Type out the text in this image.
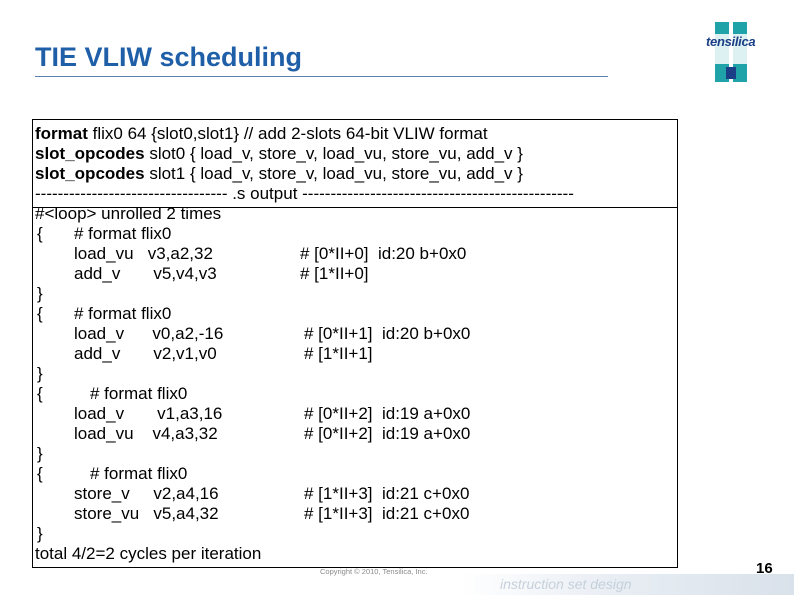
TIE VLIW scheduling
tensilica
format flix0 64 {slot0,slot1} // add 2-slots 64-bit VLIW format
slot_opcodes slot0 { load_v, store_v, load_vu, store_vu, add_v }
slot_opcodes slot1 { load_v, store_v, load_vu, store_vu, add_v }
---------------------------------- .s output ------------------------------------------------
#<loop> unrolled 2 times
{ # format flix0
load_vu   v3,a2,32	# [0*II+0]  id:20 b+0x0
add_v       v5,v4,v3	# [1*II+0]
}
{ # format flix0
load_v      v0,a2,-16	# [0*II+1]  id:20 b+0x0
add_v       v2,v1,v0	# [1*II+1]
}
{	# format flix0
load_v       v1,a3,16	# [0*II+2]  id:19 a+0x0
load_vu    v4,a3,32	# [0*II+2]  id:19 a+0x0
}
{	# format flix0
store_v     v2,a4,16	# [1*II+3]  id:21 c+0x0
store_vu   v5,a4,32	# [1*II+3]  id:21 c+0x0
}
total 4/2=2 cycles per iteration
instruction set design
Copyright © 2010, Tensilica, Inc.	16
